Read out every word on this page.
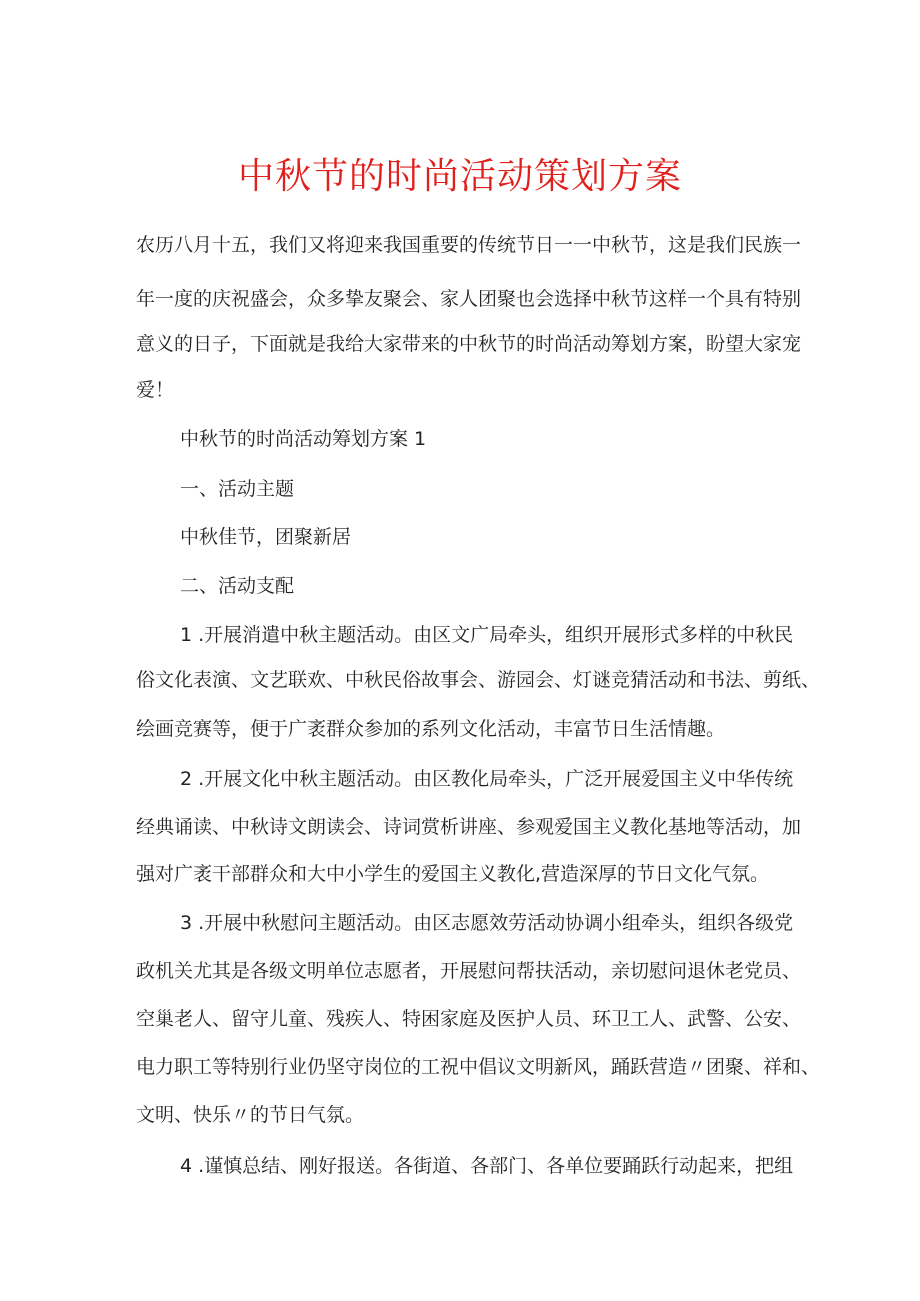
中秋节的时尚活动策划方案

农历八月十五，我们又将迎来我国重要的传统节日一一中秋节，这是我们民族一

年一度的庆祝盛会，众多挚友聚会、家人团聚也会选择中秋节这样一个具有特别

意义的日子，下面就是我给大家带来的中秋节的时尚活动筹划方案，盼望大家宠

爱！

中秋节的时尚活动筹划方案 1

一、活动主题

中秋佳节，团聚新居

二、活动支配

1 .开展消遣中秋主题活动。由区文广局牵头，组织开展形式多样的中秋民

俗文化表演、文艺联欢、中秋民俗故事会、游园会、灯谜竞猜活动和书法、剪纸、

绘画竞赛等，便于广袤群众参加的系列文化活动，丰富节日生活情趣。

2 .开展文化中秋主题活动。由区教化局牵头，广泛开展爱国主义中华传统

经典诵读、中秋诗文朗读会、诗词赏析讲座、参观爱国主义教化基地等活动，加

强对广袤干部群众和大中小学生的爱国主义教化,营造深厚的节日文化气氛。

3 .开展中秋慰问主题活动。由区志愿效劳活动协调小组牵头，组织各级党

政机关尤其是各级文明单位志愿者，开展慰问帮扶活动，亲切慰问退休老党员、

空巢老人、留守儿童、残疾人、特困家庭及医护人员、环卫工人、武警、公安、

电力职工等特别行业仍坚守岗位的工祝中倡议文明新风，踊跃营造〃团聚、祥和、

文明、快乐〃的节日气氛。

4 .谨慎总结、刚好报送。各街道、各部门、各单位要踊跃行动起来，把组
